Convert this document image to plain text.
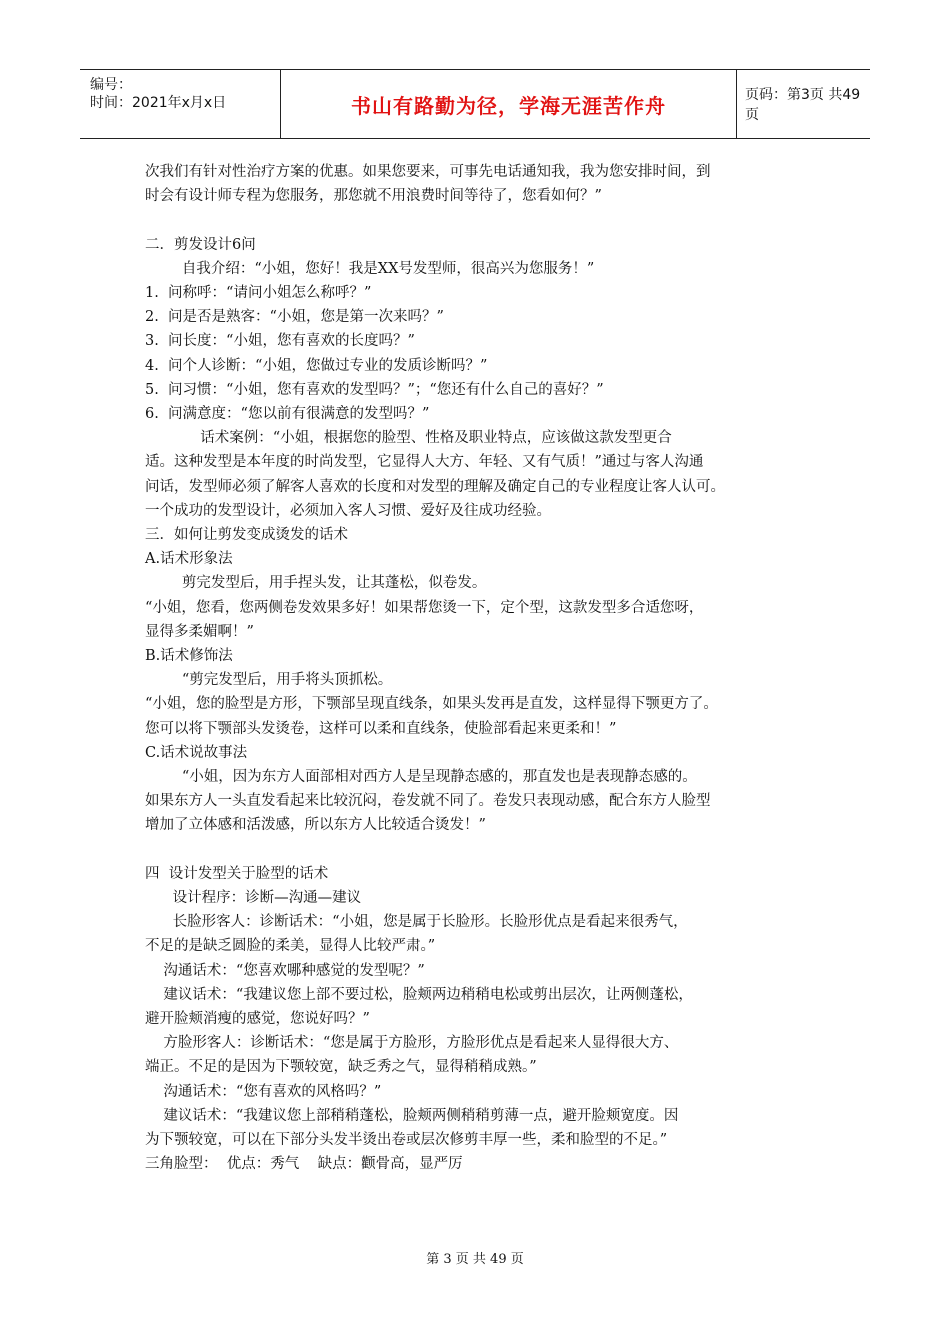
编号：
时间：2021年x月x日	书山有路勤为径，学海无涯苦作舟	页码：第3页 共49页

次我们有针对性治疗方案的优惠。如果您要来，可事先电话通知我，我为您安排时间，到

时会有设计师专程为您服务，那您就不用浪费时间等待了，您看如何？”

二．剪发设计6问

自我介绍：“小姐，您好！我是XX号发型师，很高兴为您服务！”

1.  问称呼：“请问小姐怎么称呼？”

2.  问是否是熟客：“小姐，您是第一次来吗？”

3.  问长度：“小姐，您有喜欢的长度吗？”

4.  问个人诊断：“小姐，您做过专业的发质诊断吗？”

5.  问习惯：“小姐，您有喜欢的发型吗？”；“您还有什么自己的喜好？”

6.  问满意度：“您以前有很满意的发型吗？”

话术案例：“小姐，根据您的脸型、性格及职业特点，应该做这款发型更合

适。这种发型是本年度的时尚发型，它显得人大方、年轻、又有气质！”通过与客人沟通

问话，发型师必须了解客人喜欢的长度和对发型的理解及确定自己的专业程度让客人认可。

一个成功的发型设计，必须加入客人习惯、爱好及往成功经验。

三．如何让剪发变成烫发的话术

A.话术形象法

剪完发型后，用手捏头发，让其蓬松，似卷发。

“小姐，您看，您两侧卷发效果多好！如果帮您烫一下，定个型，这款发型多合适您呀，

显得多柔媚啊！”

B.话术修饰法

“剪完发型后，用手将头顶抓松。

“小姐，您的脸型是方形，下颚部呈现直线条，如果头发再是直发，这样显得下颚更方了。

您可以将下颚部头发烫卷，这样可以柔和直线条，使脸部看起来更柔和！”

C.话术说故事法

“小姐，因为东方人面部相对西方人是呈现静态感的，那直发也是表现静态感的。

如果东方人一头直发看起来比较沉闷，卷发就不同了。卷发只表现动感，配合东方人脸型

增加了立体感和活泼感，所以东方人比较适合烫发！”

四  设计发型关于脸型的话术

设计程序：诊断—沟通—建议

长脸形客人：诊断话术：“小姐，您是属于长脸形。长脸形优点是看起来很秀气，

不足的是缺乏圆脸的柔美，显得人比较严肃。”

沟通话术：“您喜欢哪种感觉的发型呢？”

建议话术：“我建议您上部不要过松，脸颊两边稍稍电松或剪出层次，让两侧蓬松，

避开脸颊消瘦的感觉，您说好吗？”

方脸形客人：诊断话术：“您是属于方脸形，方脸形优点是看起来人显得很大方、

端正。不足的是因为下颚较宽，缺乏秀之气，显得稍稍成熟。”

沟通话术：“您有喜欢的风格吗？”

建议话术：“我建议您上部稍稍蓬松，脸颊两侧稍稍剪薄一点，避开脸颊宽度。因

为下颚较宽，可以在下部分头发半烫出卷或层次修剪丰厚一些，柔和脸型的不足。”

三角脸型：  优点：秀气    缺点：颧骨高，显严厉

第 3 页 共 49 页
